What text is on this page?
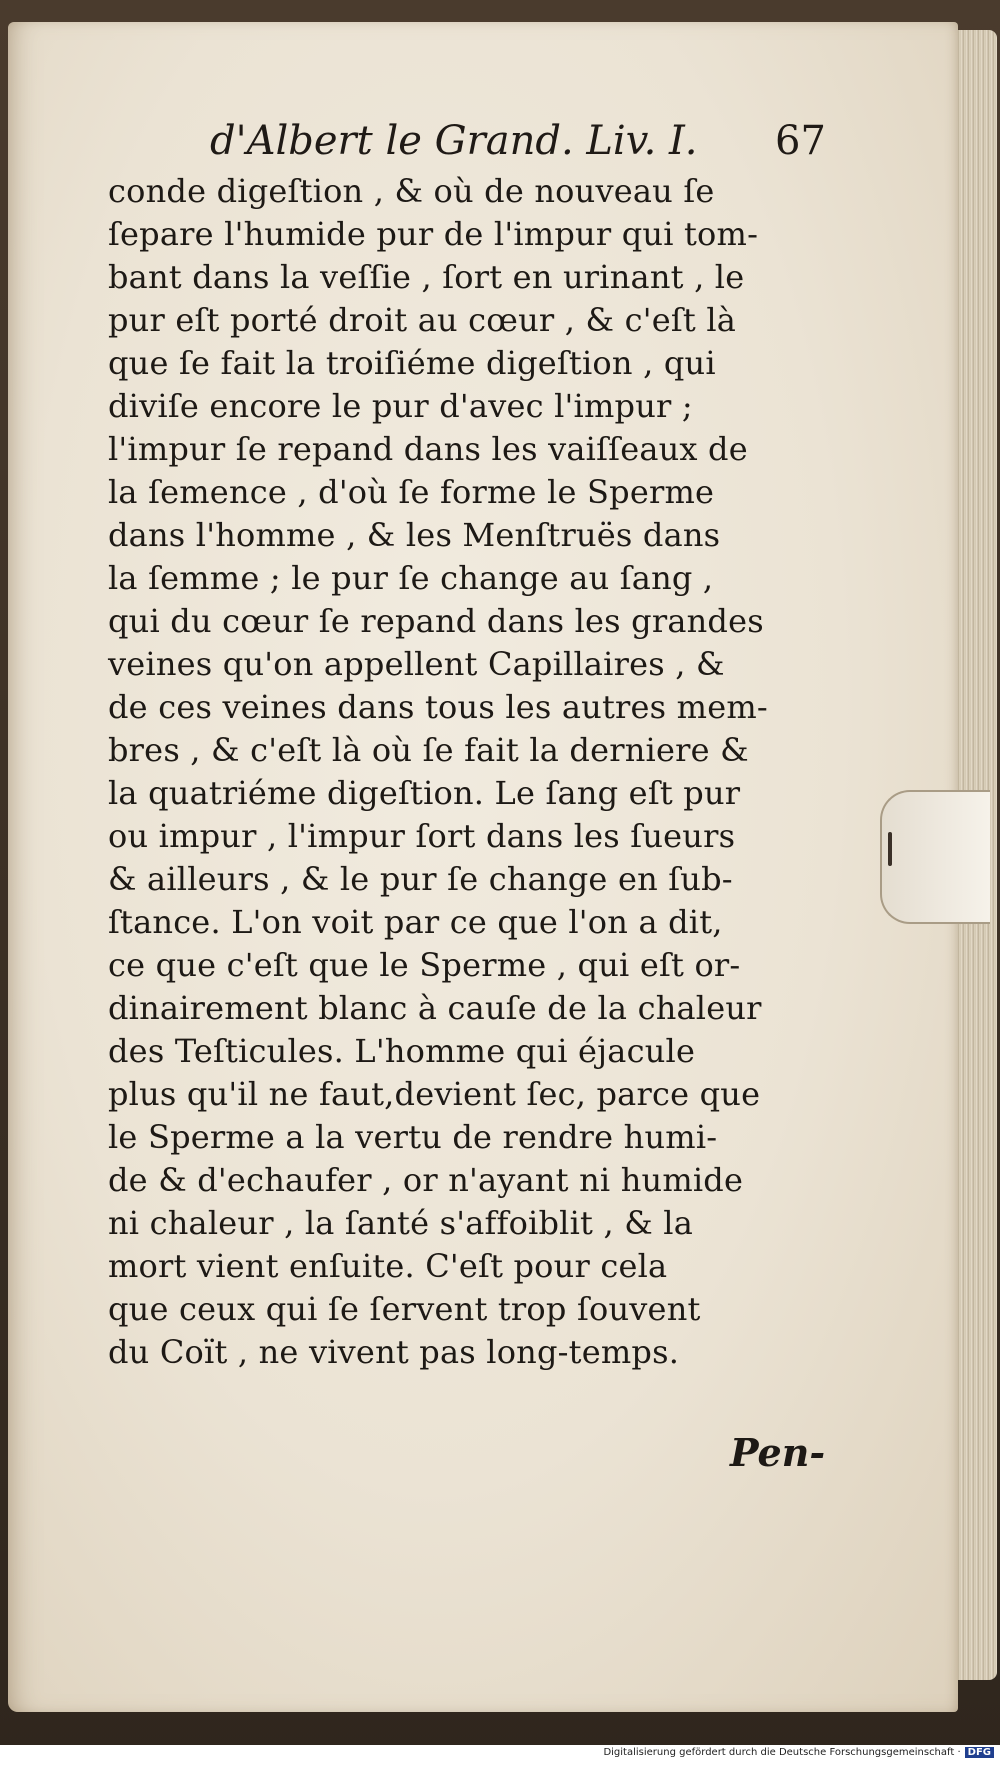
d'Albert le Grand. Liv. I. 67
conde digeſtion , & où de nouveau ſe
ſepare l'humide pur de l'impur qui tom-
bant dans la veſſie , ſort en urinant , le
pur eſt porté droit au cœur , & c'eſt là
que ſe fait la troiſiéme digeſtion , qui
diviſe encore le pur d'avec l'impur ;
l'impur ſe repand dans les vaiſſeaux de
la ſemence , d'où ſe forme le Sperme
dans l'homme , & les Menſtruës dans
la ſemme ; le pur ſe change au ſang ,
qui du cœur ſe repand dans les grandes
veines qu'on appellent Capillaires , &
de ces veines dans tous les autres mem-
bres , & c'eſt là où ſe fait la derniere &
la quatriéme digeſtion. Le ſang eſt pur
ou impur , l'impur ſort dans les ſueurs
& ailleurs , & le pur ſe change en ſub-
ſtance. L'on voit par ce que l'on a dit,
ce que c'eſt que le Sperme , qui eſt or-
dinairement blanc à cauſe de la chaleur
des Teſticules. L'homme qui éjacule
plus qu'il ne faut,devient ſec, parce que
le Sperme a la vertu de rendre humi-
de & d'echaufer , or n'ayant ni humide
ni chaleur , la ſanté s'affoiblit , & la
mort vient enſuite. C'eſt pour cela
que ceux qui ſe ſervent trop ſouvent
du Coït , ne vivent pas long-temps.
Pen-
Digitalisierung gefördert durch die Deutsche Forschungsgemeinschaft · DFG
